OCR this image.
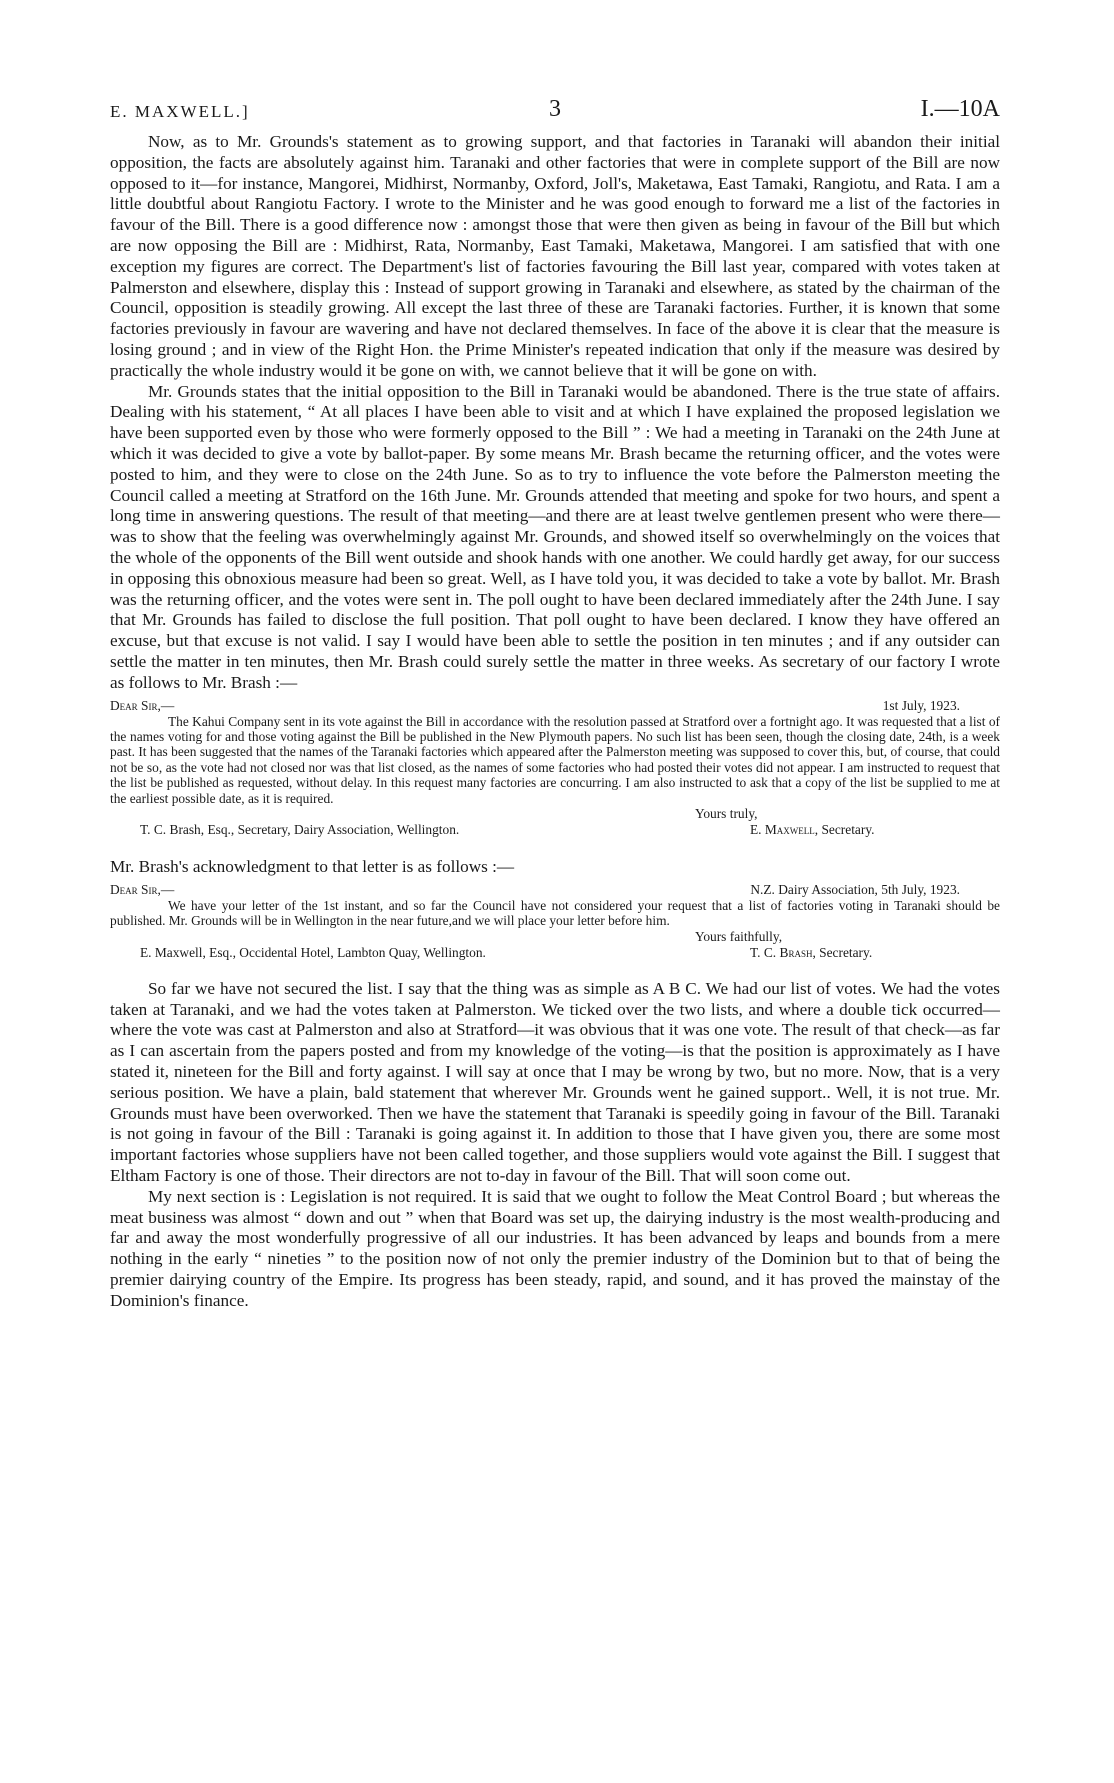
E. MAXWELL.]	3	I.—10A

Now, as to Mr. Grounds's statement as to growing support, and that factories in Taranaki will abandon their initial opposition, the facts are absolutely against him. Taranaki and other factories that were in complete support of the Bill are now opposed to it—for instance, Mangorei, Midhirst, Normanby, Oxford, Joll's, Maketawa, East Tamaki, Rangiotu, and Rata. I am a little doubtful about Rangiotu Factory. I wrote to the Minister and he was good enough to forward me a list of the factories in favour of the Bill. There is a good difference now : amongst those that were then given as being in favour of the Bill but which are now opposing the Bill are : Midhirst, Rata, Normanby, East Tamaki, Maketawa, Mangorei. I am satisfied that with one exception my figures are correct. The Department's list of factories favouring the Bill last year, compared with votes taken at Palmerston and elsewhere, display this : Instead of support growing in Taranaki and elsewhere, as stated by the chairman of the Council, opposition is steadily growing. All except the last three of these are Taranaki factories. Further, it is known that some factories previously in favour are wavering and have not declared themselves. In face of the above it is clear that the measure is losing ground ; and in view of the Right Hon. the Prime Minister's repeated indication that only if the measure was desired by practically the whole industry would it be gone on with, we cannot believe that it will be gone on with.

Mr. Grounds states that the initial opposition to the Bill in Taranaki would be abandoned. There is the true state of affairs. Dealing with his statement, “ At all places I have been able to visit and at which I have explained the proposed legislation we have been supported even by those who were formerly opposed to the Bill ” : We had a meeting in Taranaki on the 24th June at which it was decided to give a vote by ballot-paper. By some means Mr. Brash became the returning officer, and the votes were posted to him, and they were to close on the 24th June. So as to try to influence the vote before the Palmerston meeting the Council called a meeting at Stratford on the 16th June. Mr. Grounds attended that meeting and spoke for two hours, and spent a long time in answering questions. The result of that meeting—and there are at least twelve gentlemen present who were there—was to show that the feeling was overwhelmingly against Mr. Grounds, and showed itself so overwhelmingly on the voices that the whole of the opponents of the Bill went outside and shook hands with one another. We could hardly get away, for our success in opposing this obnoxious measure had been so great. Well, as I have told you, it was decided to take a vote by ballot. Mr. Brash was the returning officer, and the votes were sent in. The poll ought to have been declared immediately after the 24th June. I say that Mr. Grounds has failed to disclose the full position. That poll ought to have been declared. I know they have offered an excuse, but that excuse is not valid. I say I would have been able to settle the position in ten minutes ; and if any outsider can settle the matter in ten minutes, then Mr. Brash could surely settle the matter in three weeks. As secretary of our factory I wrote as follows to Mr. Brash :—

Dear Sir,—	1st July, 1923.

The Kahui Company sent in its vote against the Bill in accordance with the resolution passed at Stratford over a fortnight ago. It was requested that a list of the names voting for and those voting against the Bill be published in the New Plymouth papers. No such list has been seen, though the closing date, 24th, is a week past. It has been suggested that the names of the Taranaki factories which appeared after the Palmerston meeting was supposed to cover this, but, of course, that could not be so, as the vote had not closed nor was that list closed, as the names of some factories who had posted their votes did not appear. I am instructed to request that the list be published as requested, without delay. In this request many factories are concurring. I am also instructed to ask that a copy of the list be supplied to me at the earliest possible date, as it is required.

Yours truly,
T. C. Brash, Esq., Secretary, Dairy Association, Wellington.	E. Maxwell, Secretary.
Mr. Brash's acknowledgment to that letter is as follows :—
Dear Sir,—	N.Z. Dairy Association, 5th July, 1923.

We have your letter of the 1st instant, and so far the Council have not considered your request that a list of factories voting in Taranaki should be published. Mr. Grounds will be in Wellington in the near future,and we will place your letter before him.

Yours faithfully,
E. Maxwell, Esq., Occidental Hotel, Lambton Quay, Wellington.	T. C. Brash, Secretary.

So far we have not secured the list. I say that the thing was as simple as A B C. We had our list of votes. We had the votes taken at Taranaki, and we had the votes taken at Palmerston. We ticked over the two lists, and where a double tick occurred—where the vote was cast at Palmerston and also at Stratford—it was obvious that it was one vote. The result of that check—as far as I can ascertain from the papers posted and from my knowledge of the voting—is that the position is approximately as I have stated it, nineteen for the Bill and forty against. I will say at once that I may be wrong by two, but no more. Now, that is a very serious position. We have a plain, bald statement that wherever Mr. Grounds went he gained support.. Well, it is not true. Mr. Grounds must have been overworked. Then we have the statement that Taranaki is speedily going in favour of the Bill. Taranaki is not going in favour of the Bill : Taranaki is going against it. In addition to those that I have given you, there are some most important factories whose suppliers have not been called together, and those suppliers would vote against the Bill. I suggest that Eltham Factory is one of those. Their directors are not to-day in favour of the Bill. That will soon come out.

My next section is : Legislation is not required. It is said that we ought to follow the Meat Control Board ; but whereas the meat business was almost “ down and out ” when that Board was set up, the dairying industry is the most wealth-producing and far and away the most wonderfully progressive of all our industries. It has been advanced by leaps and bounds from a mere nothing in the early “ nineties ” to the position now of not only the premier industry of the Dominion but to that of being the premier dairying country of the Empire. Its progress has been steady, rapid, and sound, and it has proved the mainstay of the Dominion's finance.
